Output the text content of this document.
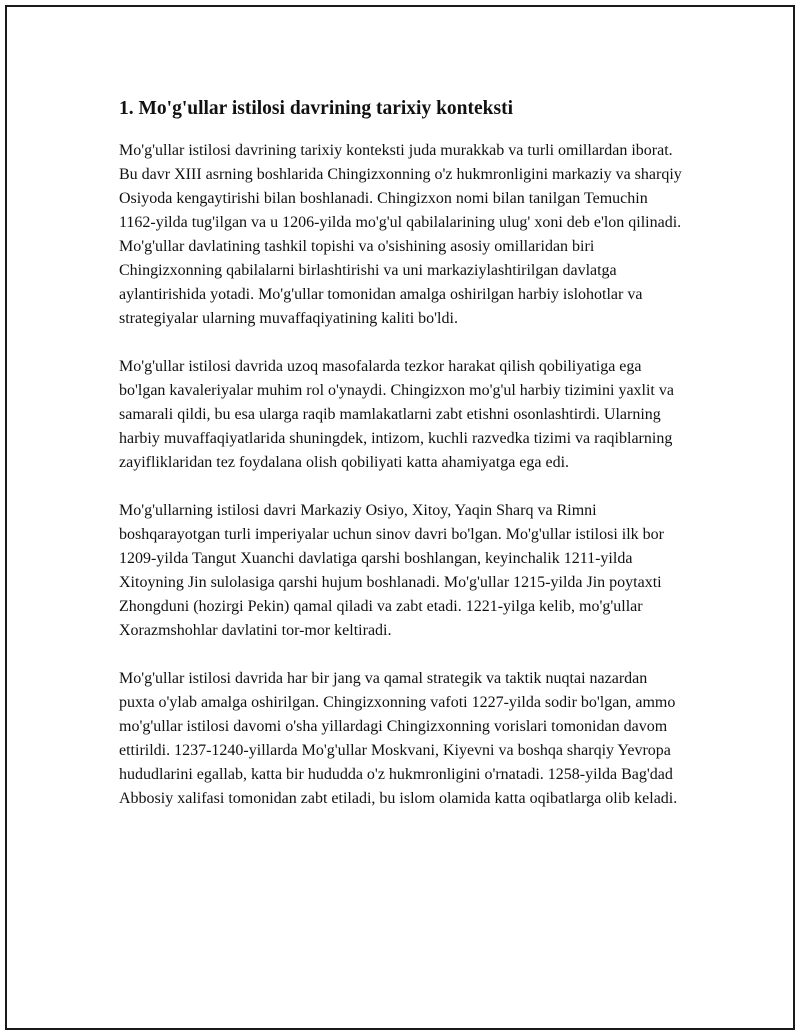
1. Mo'g'ullar istilosi davrining tarixiy konteksti

Mo'g'ullar istilosi davrining tarixiy konteksti juda murakkab va turli omillardan iborat. Bu davr XIII asrning boshlarida Chingizxonning o'z hukmronligini markaziy va sharqiy Osiyoda kengaytirishi bilan boshlanadi. Chingizxon nomi bilan tanilgan Temuchin 1162-yilda tug'ilgan va u 1206-yilda mo'g'ul qabilalarining ulug' xoni deb e'lon qilinadi. Mo'g'ullar davlatining tashkil topishi va o'sishining asosiy omillaridan biri Chingizxonning qabilalarni birlashtirishi va uni markaziylashtirilgan davlatga aylantirishida yotadi. Mo'g'ullar tomonidan amalga oshirilgan harbiy islohotlar va strategiyalar ularning muvaffaqiyatining kaliti bo'ldi.

Mo'g'ullar istilosi davrida uzoq masofalarda tezkor harakat qilish qobiliyatiga ega bo'lgan kavaleriyalar muhim rol o'ynaydi. Chingizxon mo'g'ul harbiy tizimini yaxlit va samarali qildi, bu esa ularga raqib mamlakatlarni zabt etishni osonlashtirdi. Ularning harbiy muvaffaqiyatlarida shuningdek, intizom, kuchli razvedka tizimi va raqiblarning zayifliklaridan tez foydalana olish qobiliyati katta ahamiyatga ega edi.

Mo'g'ullarning istilosi davri Markaziy Osiyo, Xitoy, Yaqin Sharq va Rimni boshqarayotgan turli imperiyalar uchun sinov davri bo'lgan. Mo'g'ullar istilosi ilk bor 1209-yilda Tangut Xuanchi davlatiga qarshi boshlangan, keyinchalik 1211-yilda Xitoyning Jin sulolasiga qarshi hujum boshlanadi. Mo'g'ullar 1215-yilda Jin poytaxti Zhongduni (hozirgi Pekin) qamal qiladi va zabt etadi. 1221-yilga kelib, mo'g'ullar Xorazmshohlar davlatini tor-mor keltiradi.

Mo'g'ullar istilosi davrida har bir jang va qamal strategik va taktik nuqtai nazardan puxta o'ylab amalga oshirilgan. Chingizxonning vafoti 1227-yilda sodir bo'lgan, ammo mo'g'ullar istilosi davomi o'sha yillardagi Chingizxonning vorislari tomonidan davom ettirildi. 1237-1240-yillarda Mo'g'ullar Moskvani, Kiyevni va boshqa sharqiy Yevropa hududlarini egallab, katta bir hududda o'z hukmronligini o'rnatadi. 1258-yilda Bag'dad Abbosiy xalifasi tomonidan zabt etiladi, bu islom olamida katta oqibatlarga olib keladi.
